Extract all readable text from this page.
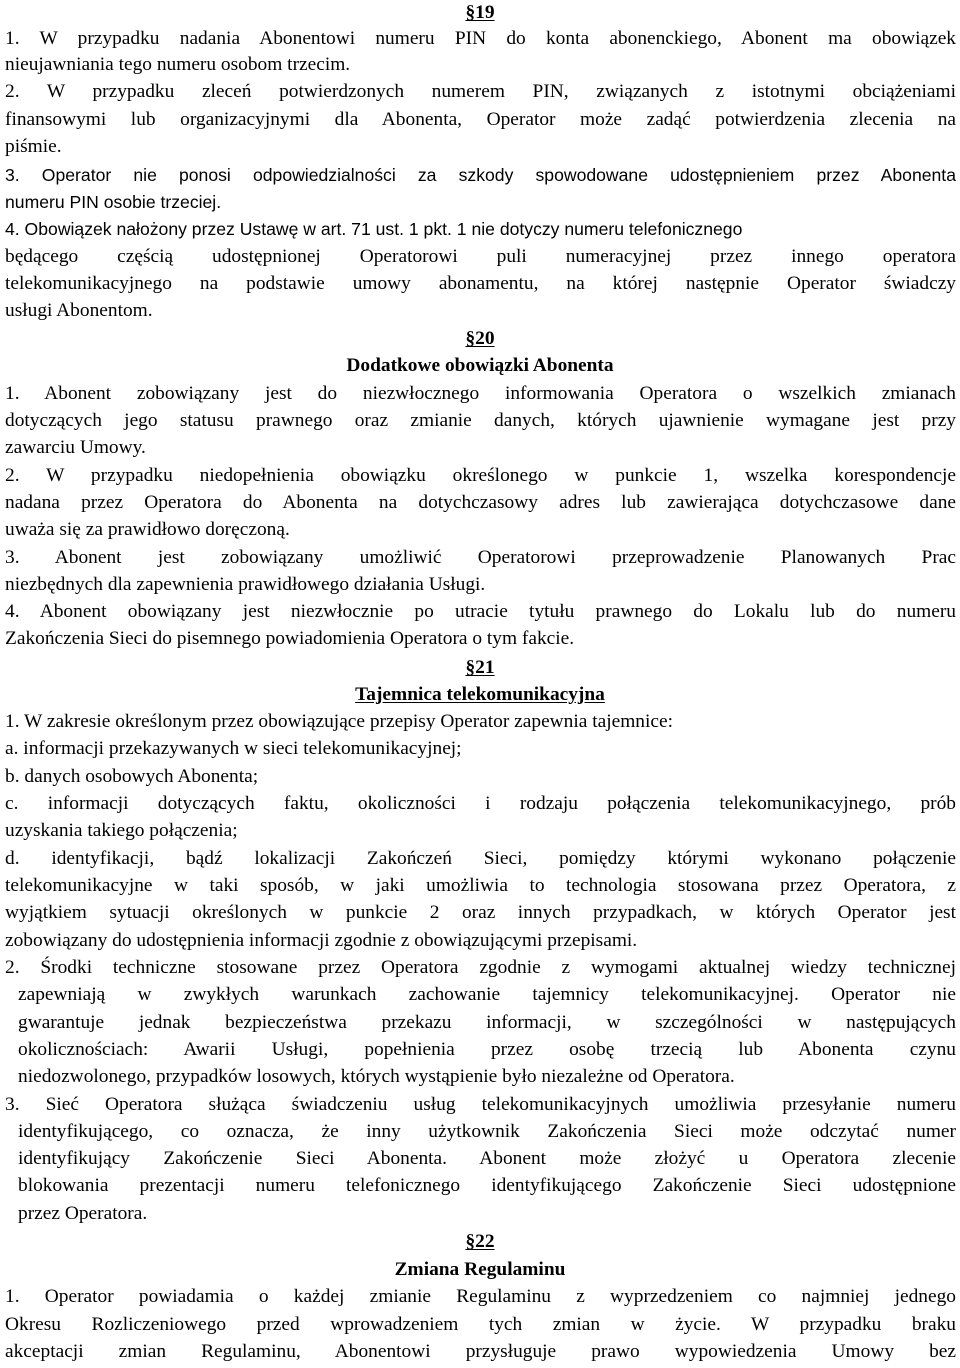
§19
1. W przypadku nadania Abonentowi numeru PIN do konta abonenckiego, Abonent ma obowiązek
nieujawniania tego numeru osobom trzecim.
2. W przypadku zleceń potwierdzonych numerem PIN, związanych z istotnymi obciążeniami
finansowymi lub organizacyjnymi dla Abonenta, Operator może zadąć potwierdzenia zlecenia na
piśmie.
3. Operator nie ponosi odpowiedzialności za szkody spowodowane udostępnieniem przez Abonenta
numeru PIN osobie trzeciej.
4. Obowiązek nałożony przez Ustawę w art. 71 ust. 1 pkt. 1 nie dotyczy numeru telefonicznego
będącego częścią udostępnionej Operatorowi puli numeracyjnej przez innego operatora
telekomunikacyjnego na podstawie umowy abonamentu, na której następnie Operator świadczy
usługi Abonentom.
§20
Dodatkowe obowiązki Abonenta
1. Abonent zobowiązany jest do niezwłocznego informowania Operatora o wszelkich zmianach
dotyczących jego statusu prawnego oraz zmianie danych, których ujawnienie wymagane jest przy
zawarciu Umowy.
2. W przypadku niedopełnienia obowiązku określonego w punkcie 1, wszelka korespondencje
nadana przez Operatora do Abonenta na dotychczasowy adres lub zawierająca dotychczasowe dane
uważa się za prawidłowo doręczoną.
3. Abonent jest zobowiązany umożliwić Operatorowi przeprowadzenie Planowanych Prac
niezbędnych dla zapewnienia prawidłowego działania Usługi.
4. Abonent obowiązany jest niezwłocznie po utracie tytułu prawnego do Lokalu lub do numeru
Zakończenia Sieci do pisemnego powiadomienia Operatora o tym fakcie.
§21
Tajemnica telekomunikacyjna
1. W zakresie określonym przez obowiązujące przepisy Operator zapewnia tajemnice:
a. informacji przekazywanych w sieci telekomunikacyjnej;
b. danych osobowych Abonenta;
c. informacji dotyczących faktu, okoliczności i rodzaju połączenia telekomunikacyjnego, prób
uzyskania takiego połączenia;
d. identyfikacji, bądź lokalizacji Zakończeń Sieci, pomiędzy którymi wykonano połączenie
telekomunikacyjne w taki sposób, w jaki umożliwia to technologia stosowana przez Operatora, z
wyjątkiem sytuacji określonych w punkcie 2 oraz innych przypadkach, w których Operator jest
zobowiązany do udostępnienia informacji zgodnie z obowiązującymi przepisami.
2. Środki techniczne stosowane przez Operatora zgodnie z wymogami aktualnej wiedzy technicznej
zapewniają w zwykłych warunkach zachowanie tajemnicy telekomunikacyjnej. Operator nie
gwarantuje jednak bezpieczeństwa przekazu informacji, w szczególności w następujących
okolicznościach: Awarii Usługi, popełnienia przez osobę trzecią lub Abonenta czynu
niedozwolonego, przypadków losowych, których wystąpienie było niezależne od Operatora.
3. Sieć Operatora służąca świadczeniu usług telekomunikacyjnych umożliwia przesyłanie numeru
identyfikującego, co oznacza, że inny użytkownik Zakończenia Sieci może odczytać numer
identyfikujący Zakończenie Sieci Abonenta. Abonent może złożyć u Operatora zlecenie
blokowania prezentacji numeru telefonicznego identyfikującego Zakończenie Sieci udostępnione
przez Operatora.
§22
Zmiana Regulaminu
1. Operator powiadamia o każdej zmianie Regulaminu z wyprzedzeniem co najmniej jednego
Okresu Rozliczeniowego przed wprowadzeniem tych zmian w życie. W przypadku braku
akceptacji zmian Regulaminu, Abonentowi przysługuje prawo wypowiedzenia Umowy bez
